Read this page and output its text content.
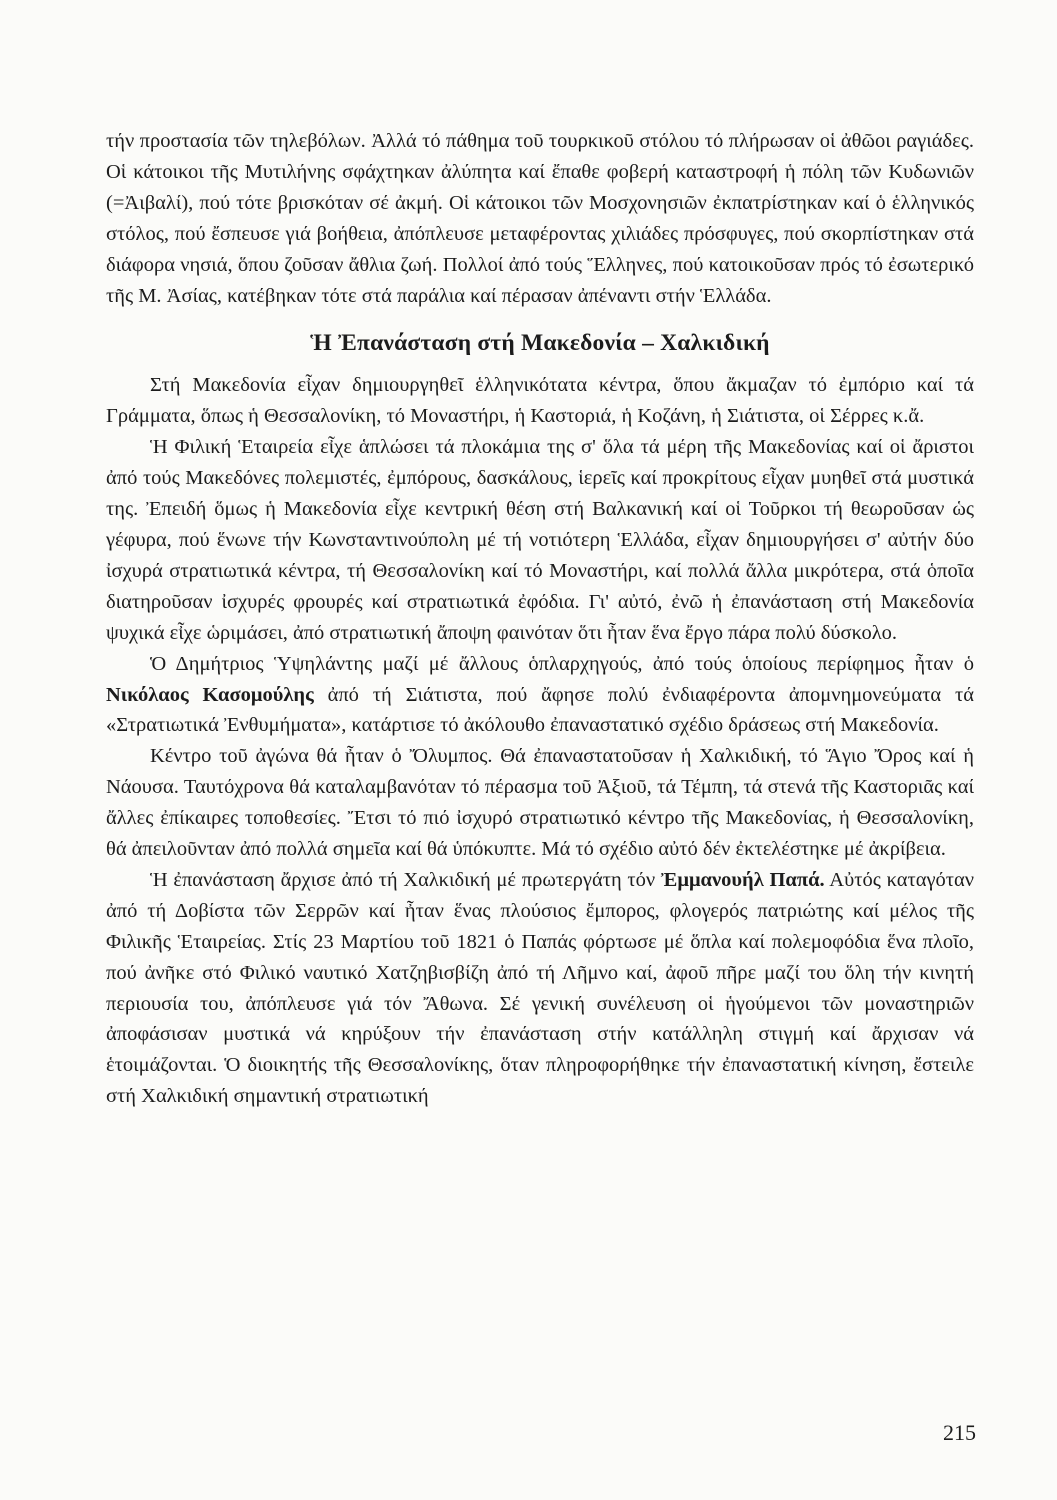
τήν προστασία τῶν τηλεβόλων. Ἀλλά τό πάθημα τοῦ τουρκικοῦ στόλου τό πλήρωσαν οἱ ἀθῶοι ραγιάδες. Οἱ κάτοικοι τῆς Μυτιλήνης σφάχτηκαν ἀλύπητα καί ἔπαθε φοβερή καταστροφή ἡ πόλη τῶν Κυδωνιῶν (=Ἀιβαλί), πού τότε βρισκόταν σέ ἀκμή. Οἱ κάτοικοι τῶν Μοσχονησιῶν ἐκπατρίστηκαν καί ὁ ἑλληνικός στόλος, πού ἔσπευσε γιά βοήθεια, ἀπόπλευσε μεταφέροντας χιλιάδες πρόσφυγες, πού σκορπίστηκαν στά διάφορα νησιά, ὅπου ζοῦσαν ἄθλια ζωή. Πολλοί ἀπό τούς Ἕλληνες, πού κατοικοῦσαν πρός τό ἐσωτερικό τῆς Μ. Ἀσίας, κατέβηκαν τότε στά παράλια καί πέρασαν ἀπέναντι στήν Ἑλλάδα.

Ἡ Ἐπανάσταση στή Μακεδονία – Χαλκιδική

Στή Μακεδονία εἶχαν δημιουργηθεῖ ἑλληνικότατα κέντρα, ὅπου ἄκμαζαν τό ἐμπόριο καί τά Γράμματα, ὅπως ἡ Θεσσαλονίκη, τό Μοναστήρι, ἡ Καστοριά, ἡ Κοζάνη, ἡ Σιάτιστα, οἱ Σέρρες κ.ἄ.

Ἡ Φιλική Ἑταιρεία εἶχε ἁπλώσει τά πλοκάμια της σ' ὅλα τά μέρη τῆς Μακεδονίας καί οἱ ἄριστοι ἀπό τούς Μακεδόνες πολεμιστές, ἐμπόρους, δασκάλους, ἱερεῖς καί προκρίτους εἶχαν μυηθεῖ στά μυστικά της. Ἐπειδή ὅμως ἡ Μακεδονία εἶχε κεντρική θέση στή Βαλκανική καί οἱ Τοῦρκοι τή θεωροῦσαν ὡς γέφυρα, πού ἕνωνε τήν Κωνσταντινούπολη μέ τή νοτιότερη Ἑλλάδα, εἶχαν δημιουργήσει σ' αὐτήν δύο ἰσχυρά στρατιωτικά κέντρα, τή Θεσσαλονίκη καί τό Μοναστήρι, καί πολλά ἄλλα μικρότερα, στά ὁποῖα διατηροῦσαν ἰσχυρές φρουρές καί στρατιωτικά ἐφόδια. Γι' αὐτό, ἐνῶ ἡ ἐπανάσταση στή Μακεδονία ψυχικά εἶχε ὡριμάσει, ἀπό στρατιωτική ἄποψη φαινόταν ὅτι ἦταν ἕνα ἔργο πάρα πολύ δύσκολο.

Ὁ Δημήτριος Ὑψηλάντης μαζί μέ ἄλλους ὁπλαρχηγούς, ἀπό τούς ὁποίους περίφημος ἦταν ὁ Νικόλαος Κασομούλης ἀπό τή Σιάτιστα, πού ἄφησε πολύ ἐνδιαφέροντα ἀπομνημονεύματα τά «Στρατιωτικά Ἐνθυμήματα», κατάρτισε τό ἀκόλουθο ἐπαναστατικό σχέδιο δράσεως στή Μακεδονία.

Κέντρο τοῦ ἀγώνα θά ἦταν ὁ Ὄλυμπος. Θά ἐπαναστατοῦσαν ἡ Χαλκιδική, τό Ἅγιο Ὄρος καί ἡ Νάουσα. Ταυτόχρονα θά καταλαμβανόταν τό πέρασμα τοῦ Ἀξιοῦ, τά Τέμπη, τά στενά τῆς Καστοριᾶς καί ἄλλες ἐπίκαιρες τοποθεσίες. Ἔτσι τό πιό ἰσχυρό στρατιωτικό κέντρο τῆς Μακεδονίας, ἡ Θεσσαλονίκη, θά ἀπειλοῦνταν ἀπό πολλά σημεῖα καί θά ὑπόκυπτε. Μά τό σχέδιο αὐτό δέν ἐκτελέστηκε μέ ἀκρίβεια.

Ἡ ἐπανάσταση ἄρχισε ἀπό τή Χαλκιδική μέ πρωτεργάτη τόν Ἐμμανουήλ Παπά. Αὐτός καταγόταν ἀπό τή Δοβίστα τῶν Σερρῶν καί ἦταν ἕνας πλούσιος ἔμπορος, φλογερός πατριώτης καί μέλος τῆς Φιλικῆς Ἑταιρείας. Στίς 23 Μαρτίου τοῦ 1821 ὁ Παπάς φόρτωσε μέ ὅπλα καί πολεμοφόδια ἕνα πλοῖο, πού ἀνῆκε στό Φιλικό ναυτικό Χατζηβισβίζη ἀπό τή Λῆμνο καί, ἀφοῦ πῆρε μαζί του ὅλη τήν κινητή περιουσία του, ἀπόπλευσε γιά τόν Ἄθωνα. Σέ γενική συνέλευση οἱ ἡγούμενοι τῶν μοναστηριῶν ἀποφάσισαν μυστικά νά κηρύξουν τήν ἐπανάσταση στήν κατάλληλη στιγμή καί ἄρχισαν νά ἑτοιμάζονται. Ὁ διοικητής τῆς Θεσσαλονίκης, ὅταν πληροφορήθηκε τήν ἐπαναστατική κίνηση, ἔστειλε στή Χαλκιδική σημαντική στρατιωτική

215
